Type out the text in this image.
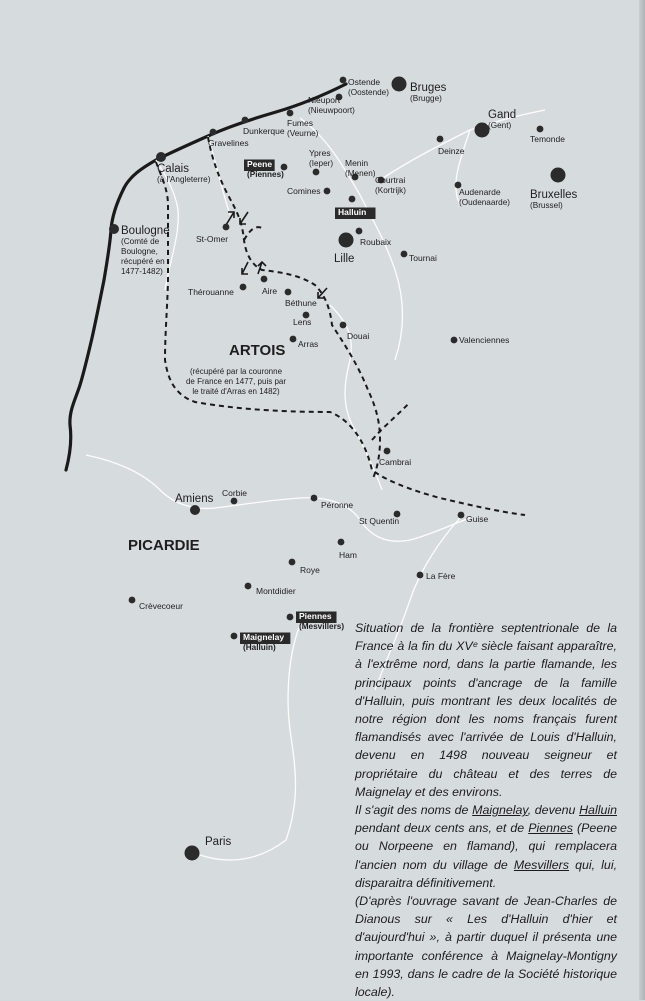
ARTOIS
(récupéré par la couronne
de France en 1477, puis par
le traité d'Arras en 1482)
PICARDIE
Ostende
(Oostende) Bruges
(Brugge)
Nieuport
(Nieuwpoort)
Fumes
(Veurne)
Dunkerque
Gravelines
Calais
(à l'Angleterre)
Gand
(Gent)
Temonde
Deinze
Peene
(Piennes)
Ypres
(Ieper) Menin
(Menen)
Courtrai
(Kortrijk)
Comines
Halluin
Audenarde
(Oudenaarde)
Bruxelles
(Brussel)
Boulogne
(Comté de
Boulogne,
récupéré en
1477-1482)
St-Omer	Roubaix
Lille	Tournai
Thérouanne	Aire
Béthune
Lens
Douai
Arras	Valenciennes
Cambrai
Amiens Corbie
Péronne
St Quentin	Guise
Ham
Roye
La Fère
Montdidier
Crèvecoeur
Piennes
(Mesvillers)
Maignelay
(Halluin)
Paris

Situation de la frontière septentrionale de la France à la fin du XVᵉ siècle faisant apparaître, à l'extrême nord, dans la partie flamande, les principaux points d'ancrage de la famille d'Halluin, puis montrant les deux localités de notre région dont les noms français furent flamandisés avec l'arrivée de Louis d'Halluin, devenu en 1498 nouveau seigneur et propriétaire du château et des terres de Maignelay et des environs.

Il s'agit des noms de Maignelay, devenu Halluin pendant deux cents ans, et de Piennes (Peene ou Norpeene en flamand), qui remplacera l'ancien nom du village de Mesvillers qui, lui, disparaitra définitivement.

(D'après l'ouvrage savant de Jean-Charles de Dianous sur « Les d'Halluin d'hier et d'aujourd'hui », à partir duquel il présenta une importante conférence à Maignelay-Montigny en 1993, dans le cadre de la Société historique locale).
